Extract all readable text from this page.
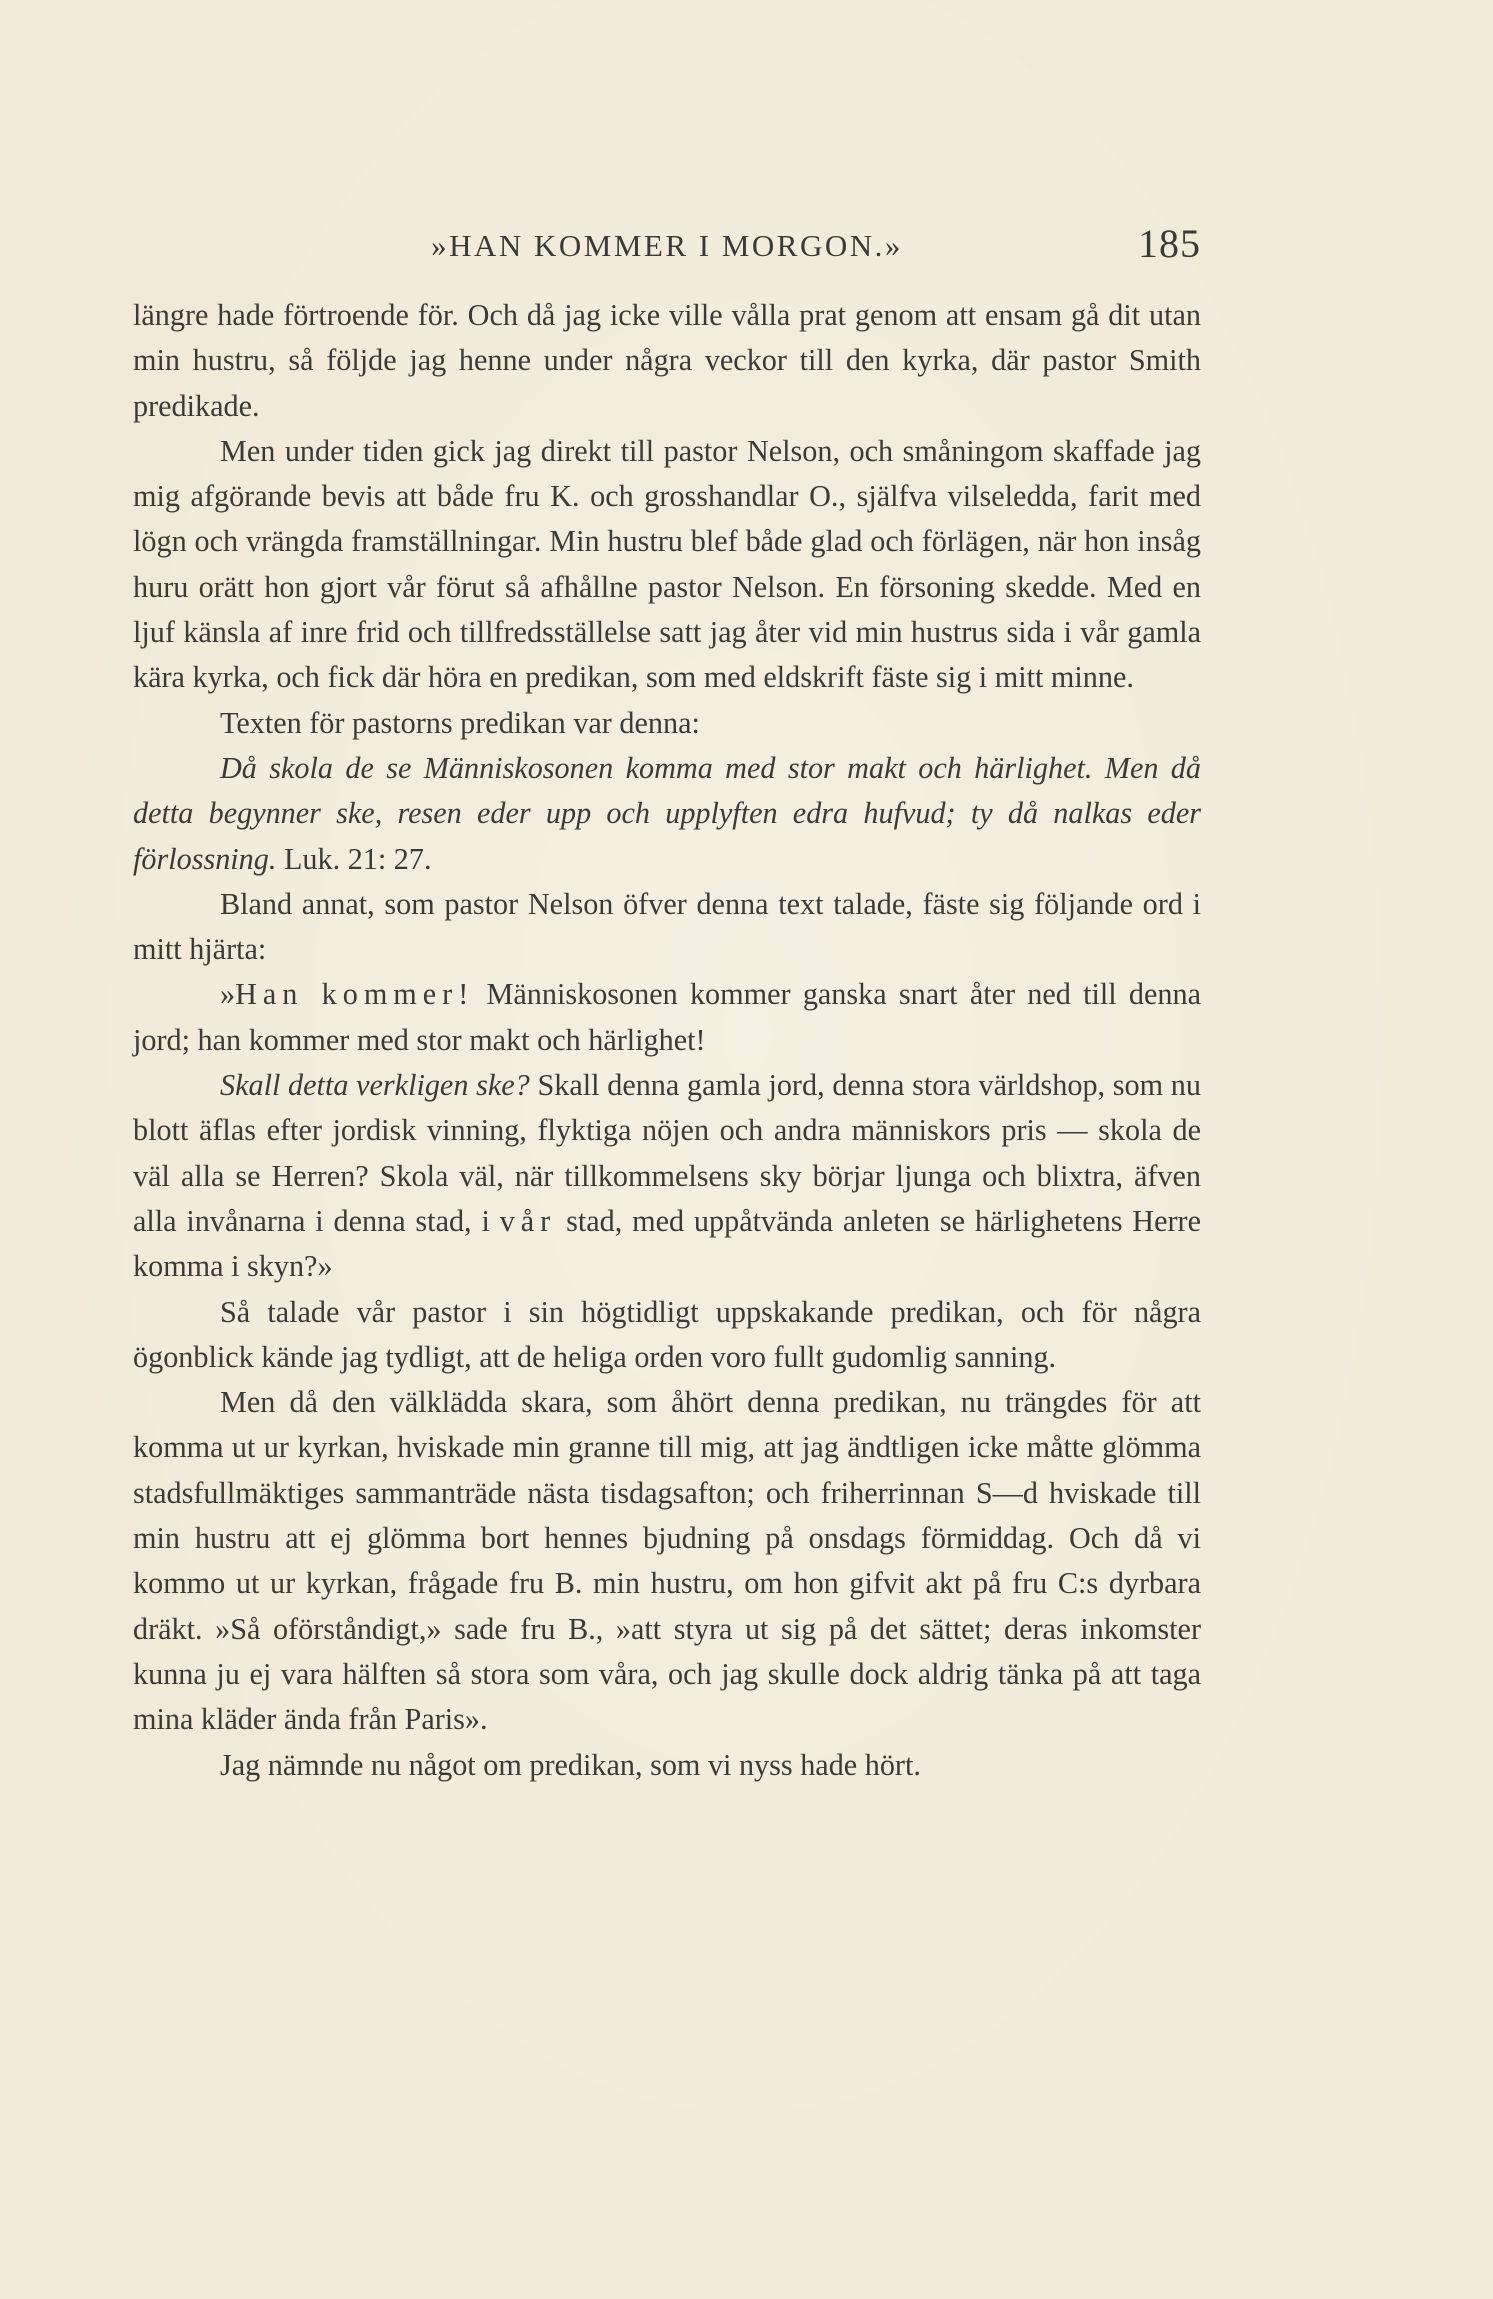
»HAN KOMMER I MORGON.»	185

längre hade förtroende för. Och då jag icke ville vålla prat genom att ensam gå dit utan min hustru, så följde jag henne under några veckor till den kyrka, där pastor Smith predikade.

Men under tiden gick jag direkt till pastor Nelson, och småningom skaffade jag mig afgörande bevis att både fru K. och grosshandlar O., själfva vilseledda, farit med lögn och vrängda framställningar. Min hustru blef både glad och förlägen, när hon insåg huru orätt hon gjort vår förut så afhållne pastor Nelson. En försoning skedde. Med en ljuf känsla af inre frid och tillfredsställelse satt jag åter vid min hustrus sida i vår gamla kära kyrka, och fick där höra en predikan, som med eldskrift fäste sig i mitt minne.

Texten för pastorns predikan var denna:

Då skola de se Människosonen komma med stor makt och härlighet. Men då detta begynner ske, resen eder upp och upplyften edra hufvud; ty då nalkas eder förlossning. Luk. 21: 27.

Bland annat, som pastor Nelson öfver denna text talade, fäste sig följande ord i mitt hjärta:

»Han kommer! Människosonen kommer ganska snart åter ned till denna jord; han kommer med stor makt och härlighet!

Skall detta verkligen ske? Skall denna gamla jord, denna stora världshop, som nu blott äflas efter jordisk vinning, flyktiga nöjen och andra människors pris — skola de väl alla se Herren? Skola väl, när tillkommelsens sky börjar ljunga och blixtra, äfven alla invånarna i denna stad, i vår stad, med uppåtvända anleten se härlighetens Herre komma i skyn?»

Så talade vår pastor i sin högtidligt uppskakande predikan, och för några ögonblick kände jag tydligt, att de heliga orden voro fullt gudomlig sanning.

Men då den välklädda skara, som åhört denna predikan, nu trängdes för att komma ut ur kyrkan, hviskade min granne till mig, att jag ändtligen icke måtte glömma stadsfullmäktiges sammanträde nästa tisdagsafton; och friherrinnan S—d hviskade till min hustru att ej glömma bort hennes bjudning på onsdags förmiddag. Och då vi kommo ut ur kyrkan, frågade fru B. min hustru, om hon gifvit akt på fru C:s dyrbara dräkt. »Så oförståndigt,» sade fru B., »att styra ut sig på det sättet; deras inkomster kunna ju ej vara hälften så stora som våra, och jag skulle dock aldrig tänka på att taga mina kläder ända från Paris».

Jag nämnde nu något om predikan, som vi nyss hade hört.
